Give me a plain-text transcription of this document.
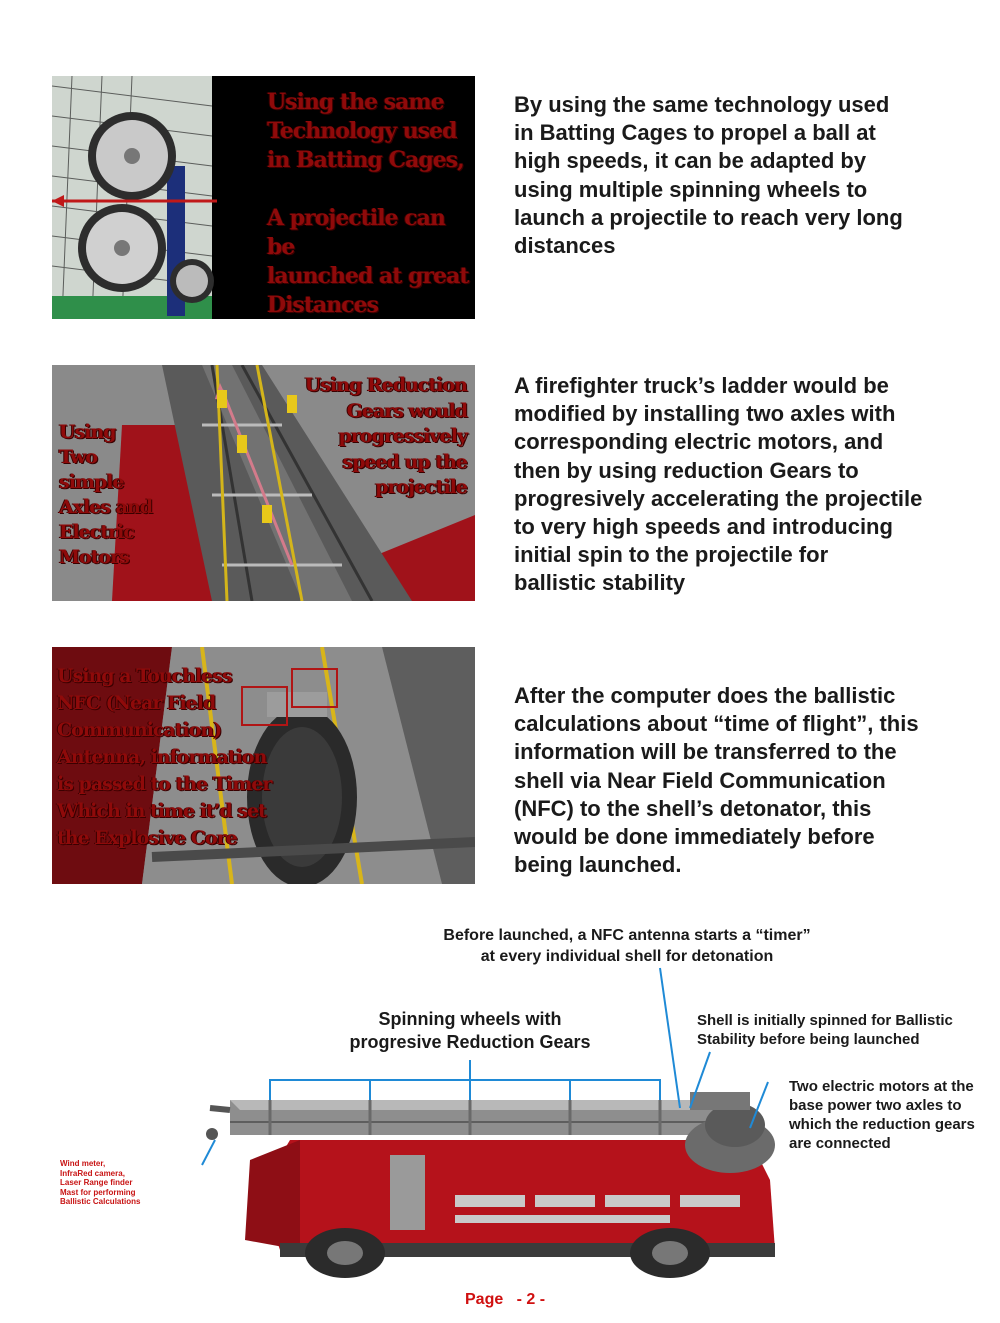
Using the same
Technology used
in Batting Cages,

A projectile can be
launched at great
Distances
By using the same technology used
in Batting Cages to propel a ball at
high speeds, it can be adapted by
using multiple spinning wheels to
launch a projectile to reach very long
distances
Using
Two
simple
Axles and
Electric
Motors
Using Reduction
Gears would
progressively
speed up the
projectile
A firefighter truck’s ladder would be
modified by installing two axles with
corresponding electric motors, and
then by using reduction Gears to
progresively accelerating the projectile
to very high speeds and introducing
initial spin to the projectile for
ballistic stability
Using a Touchless
NFC (Near Field
Communication)
Antenna, information
is passed to the Timer
Which in time it’d set
the Explosive Core
After the computer does the ballistic
calculations about “time of flight”, this
information will be transferred to the
shell via Near Field Communication
(NFC) to the shell’s detonator, this
would be done immediately before
being launched.
Before launched, a NFC antenna starts a “timer”
at every individual shell for detonation
Spinning wheels with
progresive Reduction Gears
Shell is initially spinned for Ballistic
Stability before being launched
Two electric motors at the
base power two axles to
which the reduction gears
are connected
Wind meter,
InfraRed camera,
Laser Range finder
Mast for performing
Ballistic Calculations
Page   - 2 -
